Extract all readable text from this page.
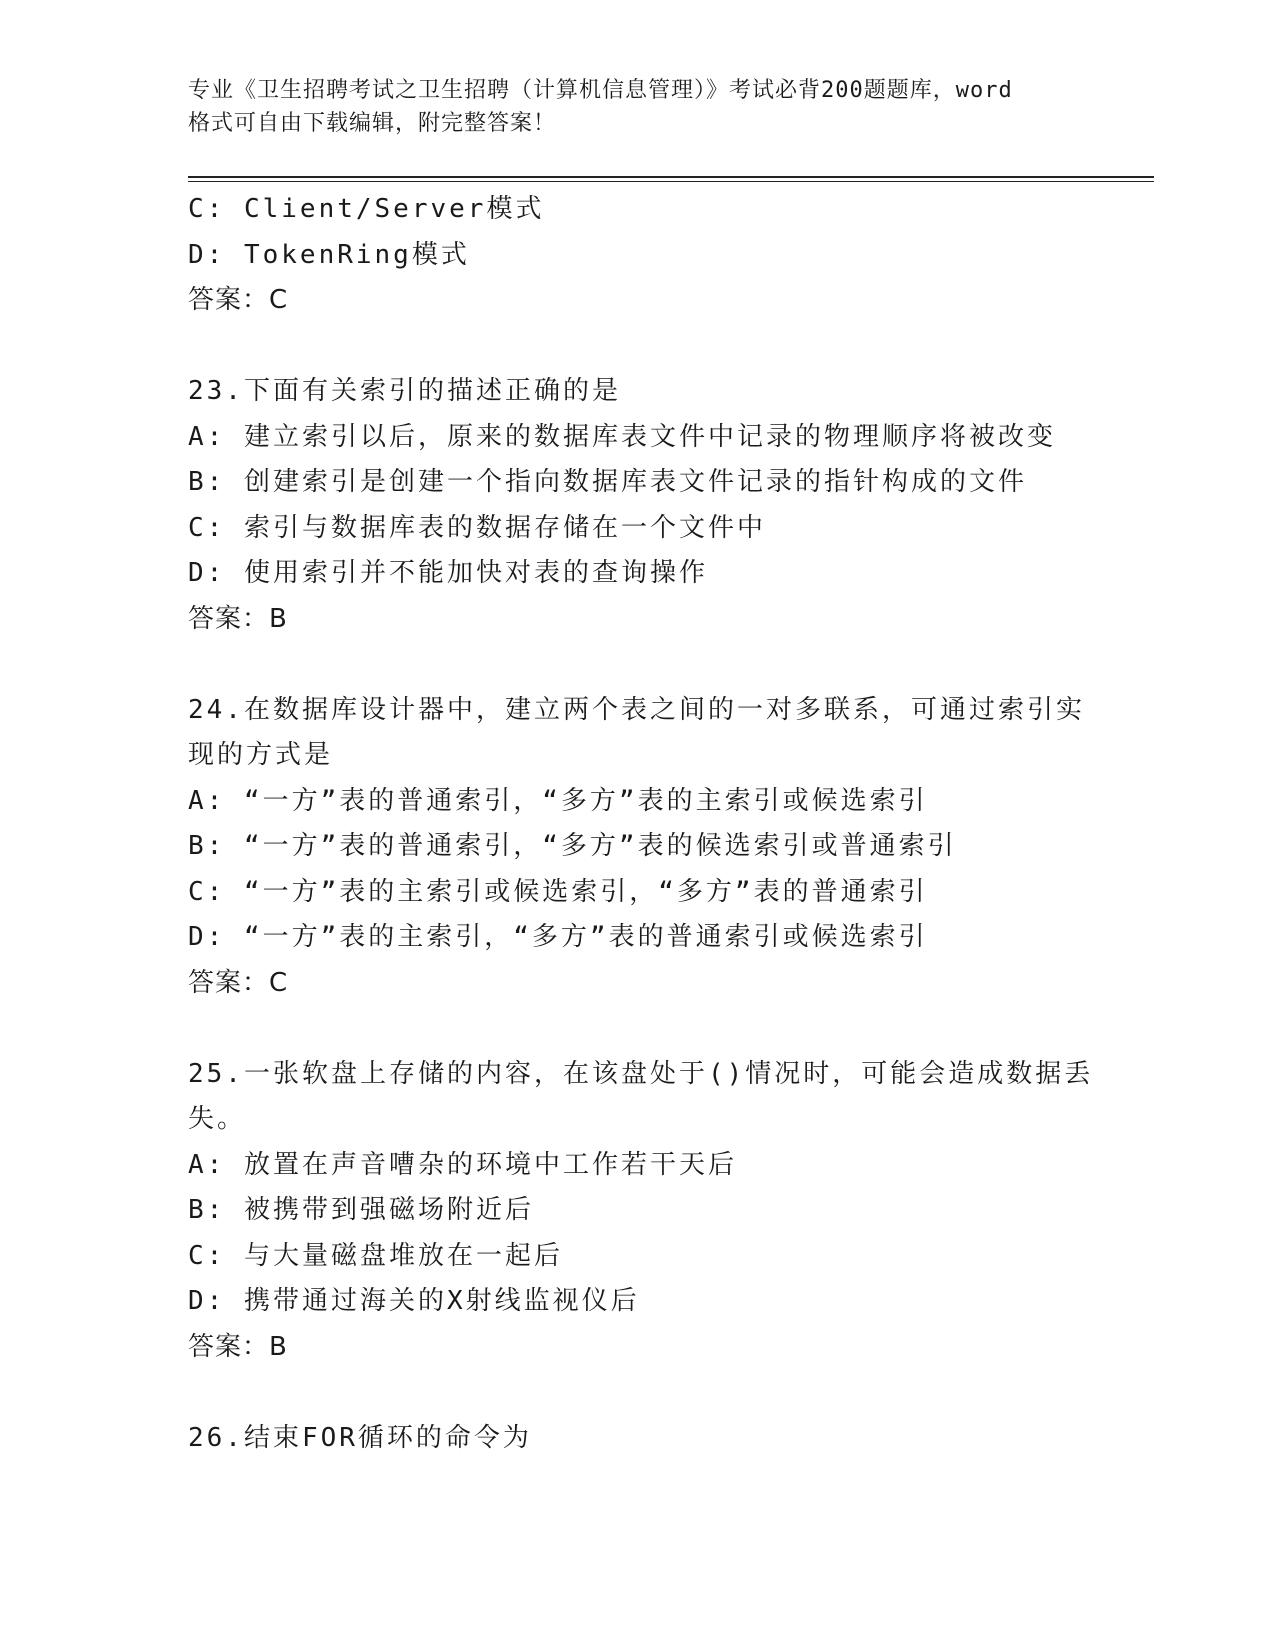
专业《卫生招聘考试之卫生招聘（计算机信息管理）》考试必背200题题库，word
格式可自由下载编辑，附完整答案！
C: Client/Server模式
D: TokenRing模式
答案：C
23.下面有关索引的描述正确的是
A: 建立索引以后，原来的数据库表文件中记录的物理顺序将被改变
B: 创建索引是创建一个指向数据库表文件记录的指针构成的文件
C: 索引与数据库表的数据存储在一个文件中
D: 使用索引并不能加快对表的查询操作
答案：B
24.在数据库设计器中，建立两个表之间的一对多联系，可通过索引实
现的方式是
A: “一方”表的普通索引，“多方”表的主索引或候选索引
B: “一方”表的普通索引，“多方”表的候选索引或普通索引
C: “一方”表的主索引或候选索引，“多方”表的普通索引
D: “一方”表的主索引，“多方”表的普通索引或候选索引
答案：C
25.一张软盘上存储的内容，在该盘处于()情况时，可能会造成数据丢
失。
A: 放置在声音嘈杂的环境中工作若干天后
B: 被携带到强磁场附近后
C: 与大量磁盘堆放在一起后
D: 携带通过海关的X射线监视仪后
答案：B
26.结束FOR循环的命令为
